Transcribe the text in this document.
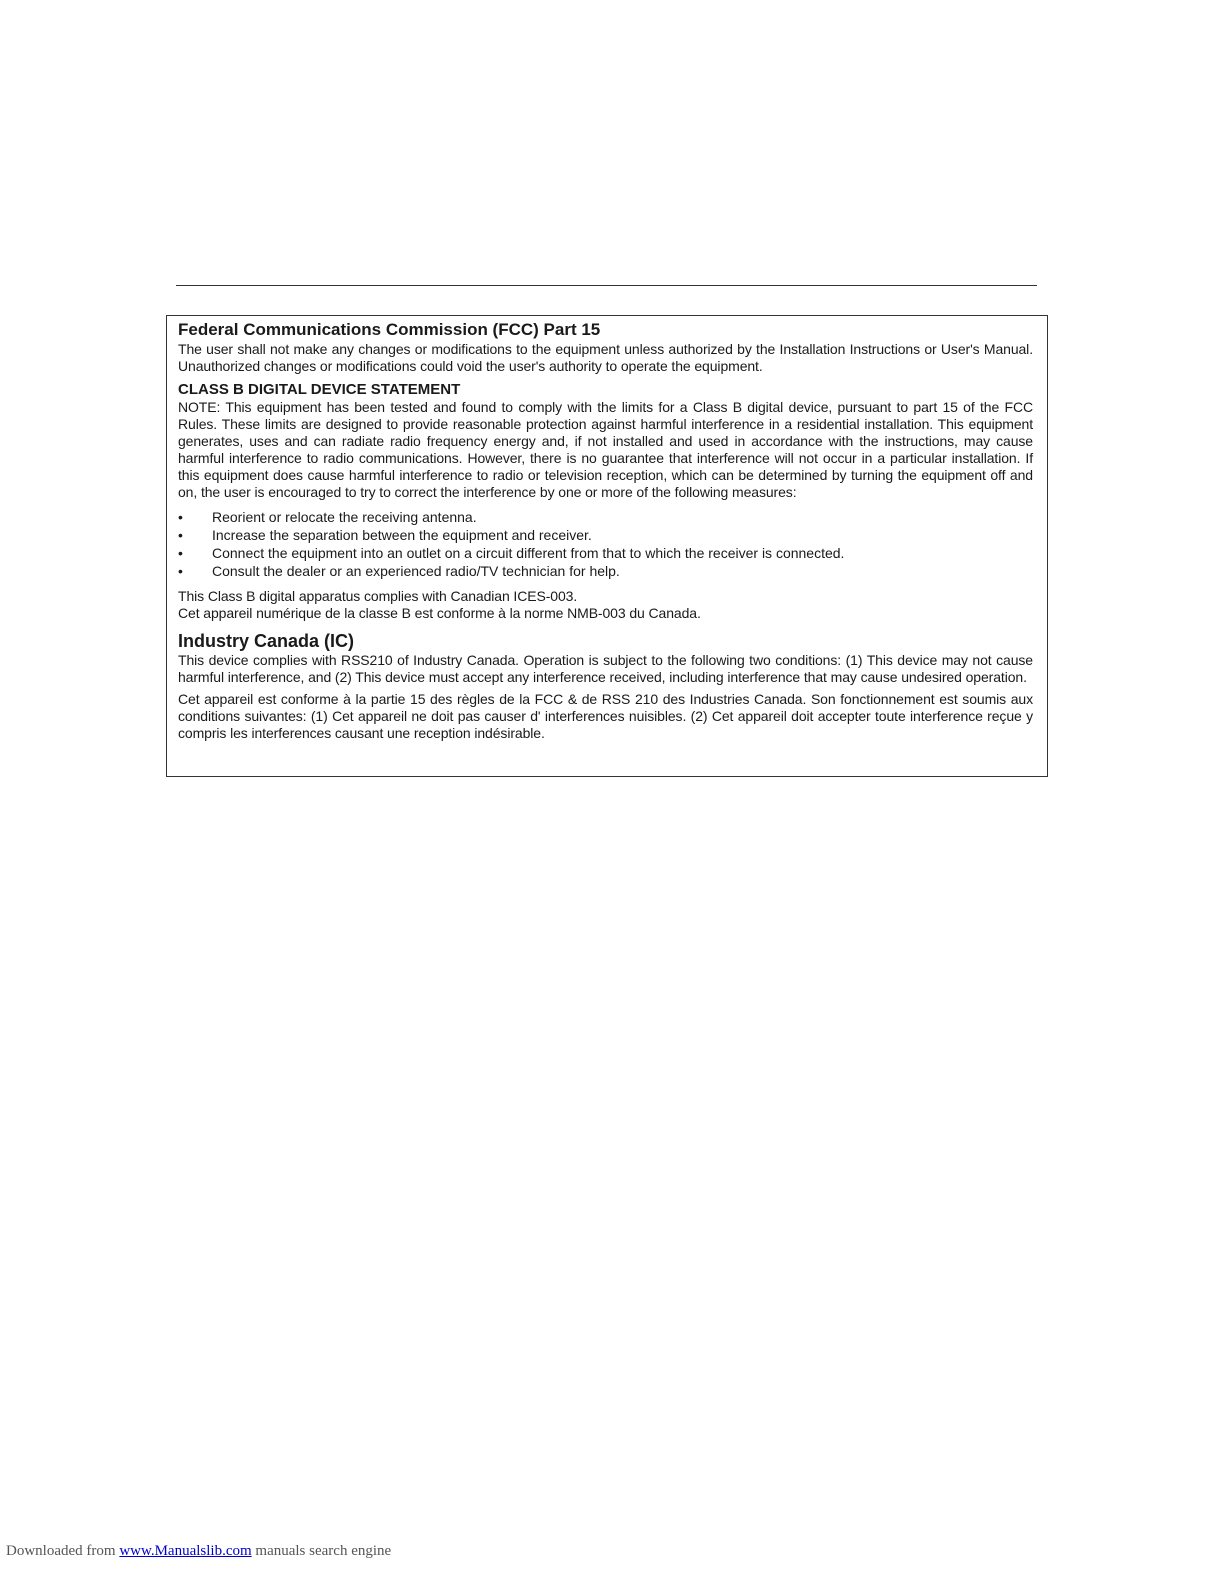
Federal Communications Commission (FCC) Part 15

The user shall not make any changes or modifications to the equipment unless authorized by the Installation Instructions or User's Manual. Unauthorized changes or modifications could void the user's authority to operate the equipment.

CLASS B DIGITAL DEVICE STATEMENT

NOTE: This equipment has been tested and found to comply with the limits for a Class B digital device, pursuant to part 15 of the FCC Rules. These limits are designed to provide reasonable protection against harmful interference in a residential installation. This equipment generates, uses and can radiate radio frequency energy and, if not installed and used in accordance with the instructions, may cause harmful interference to radio communications. However, there is no guarantee that interference will not occur in a particular installation. If this equipment does cause harmful interference to radio or television reception, which can be determined by turning the equipment off and on, the user is encouraged to try to correct the interference by one or more of the following measures:

• Reorient or relocate the receiving antenna.
• Increase the separation between the equipment and receiver.
• Connect the equipment into an outlet on a circuit different from that to which the receiver is connected.
• Consult the dealer or an experienced radio/TV technician for help.

This Class B digital apparatus complies with Canadian ICES-003.

Cet appareil numérique de la classe B est conforme à la norme NMB-003 du Canada.

Industry Canada (IC)

This device complies with RSS210 of Industry Canada. Operation is subject to the following two conditions: (1) This device may not cause harmful interference, and (2) This device must accept any interference received, including interference that may cause undesired operation.

Cet appareil est conforme à la partie 15 des règles de la FCC & de RSS 210 des Industries Canada. Son fonctionnement est soumis aux conditions suivantes: (1) Cet appareil ne doit pas causer d' interferences nuisibles. (2) Cet appareil doit accepter toute interference reçue y compris les interferences causant une reception indésirable.

Downloaded from www.Manualslib.com manuals search engine
